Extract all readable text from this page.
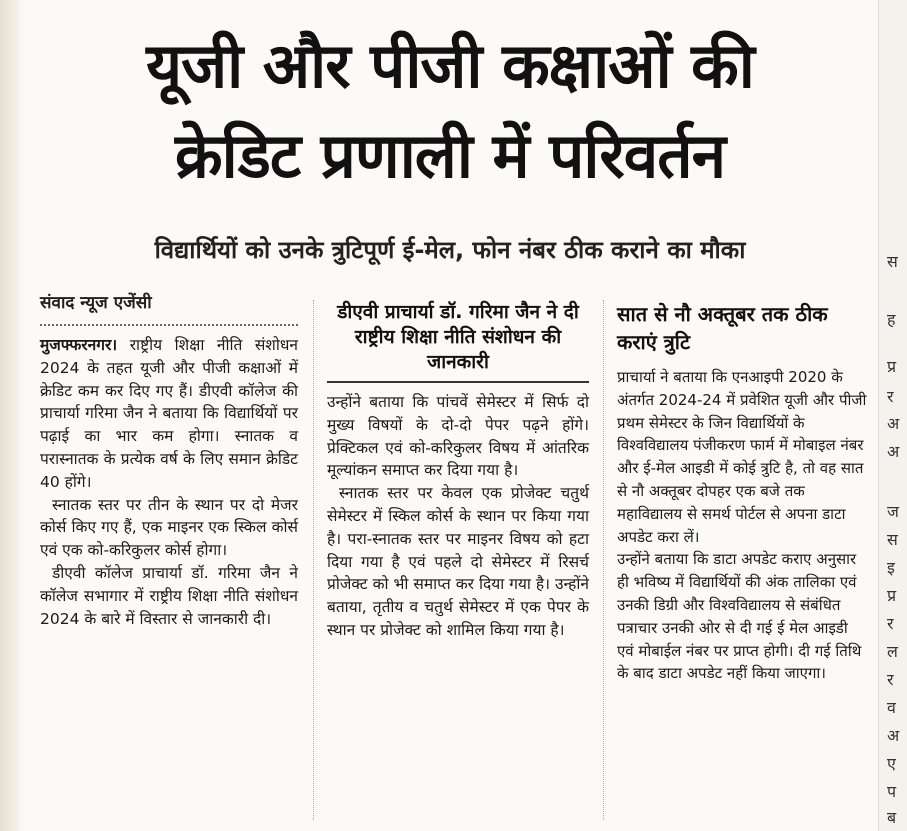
यूजी और पीजी कक्षाओं की
क्रेडिट प्रणाली में परिवर्तन
विद्यार्थियों को उनके त्रुटिपूर्ण ई-मेल, फोन नंबर ठीक कराने का मौका
संवाद न्यूज एजेंसी

मुजफ्फरनगर। राष्ट्रीय शिक्षा नीति संशोधन 2024 के तहत यूजी और पीजी कक्षाओं में क्रेडिट कम कर दिए गए हैं। डीएवी कॉलेज की प्राचार्या गरिमा जैन ने बताया कि विद्यार्थियों पर पढ़ाई का भार कम होगा। स्नातक व परास्नातक के प्रत्येक वर्ष के लिए समान क्रेडिट 40 होंगे।

स्नातक स्तर पर तीन के स्थान पर दो मेजर कोर्स किए गए हैं, एक माइनर एक स्किल कोर्स एवं एक को-करिकुलर कोर्स होगा।

डीएवी कॉलेज प्राचार्या डॉ. गरिमा जैन ने कॉलेज सभागार में राष्ट्रीय शिक्षा नीति संशोधन 2024 के बारे में विस्तार से जानकारी दी।

डीएवी प्राचार्या डॉ. गरिमा जैन ने दी राष्ट्रीय शिक्षा नीति संशोधन की जानकारी

उन्होंने बताया कि पांचवें सेमेस्टर में सिर्फ दो मुख्य विषयों के दो-दो पेपर पढ़ने होंगे। प्रेक्टिकल एवं को-करिकुलर विषय में आंतरिक मूल्यांकन समाप्त कर दिया गया है।

स्नातक स्तर पर केवल एक प्रोजेक्ट चतुर्थ सेमेस्टर में स्किल कोर्स के स्थान पर किया गया है। परा-स्नातक स्तर पर माइनर विषय को हटा दिया गया है एवं पहले दो सेमेस्टर में रिसर्च प्रोजेक्ट को भी समाप्त कर दिया गया है। उन्होंने बताया, तृतीय व चतुर्थ सेमेस्टर में एक पेपर के स्थान पर प्रोजेक्ट को शामिल किया गया है।

सात से नौ अक्तूबर तक ठीक कराएं त्रुटि

प्राचार्या ने बताया कि एनआइपी 2020 के अंतर्गत 2024-24 में प्रवेशित यूजी और पीजी प्रथम सेमेस्टर के जिन विद्यार्थियों के विश्वविद्यालय पंजीकरण फार्म में मोबाइल नंबर और ई-मेल आइडी में कोई त्रुटि है, तो वह सात से नौ अक्तूबर दोपहर एक बजे तक महाविद्यालय से समर्थ पोर्टल से अपना डाटा अपडेट करा लें।

उन्होंने बताया कि डाटा अपडेट कराए अनुसार ही भविष्य में विद्यार्थियों की अंक तालिका एवं उनकी डिग्री और विश्वविद्यालय से संबंधित पत्राचार उनकी ओर से दी गई ई मेल आइडी एवं मोबाईल नंबर पर प्राप्त होगी। दी गई तिथि के बाद डाटा अपडेट नहीं किया जाएगा।

स
ह
प्र
र
अ
अ
ज
स
इ
प्र
र
ल
र
व
अ
ए
प
ब
